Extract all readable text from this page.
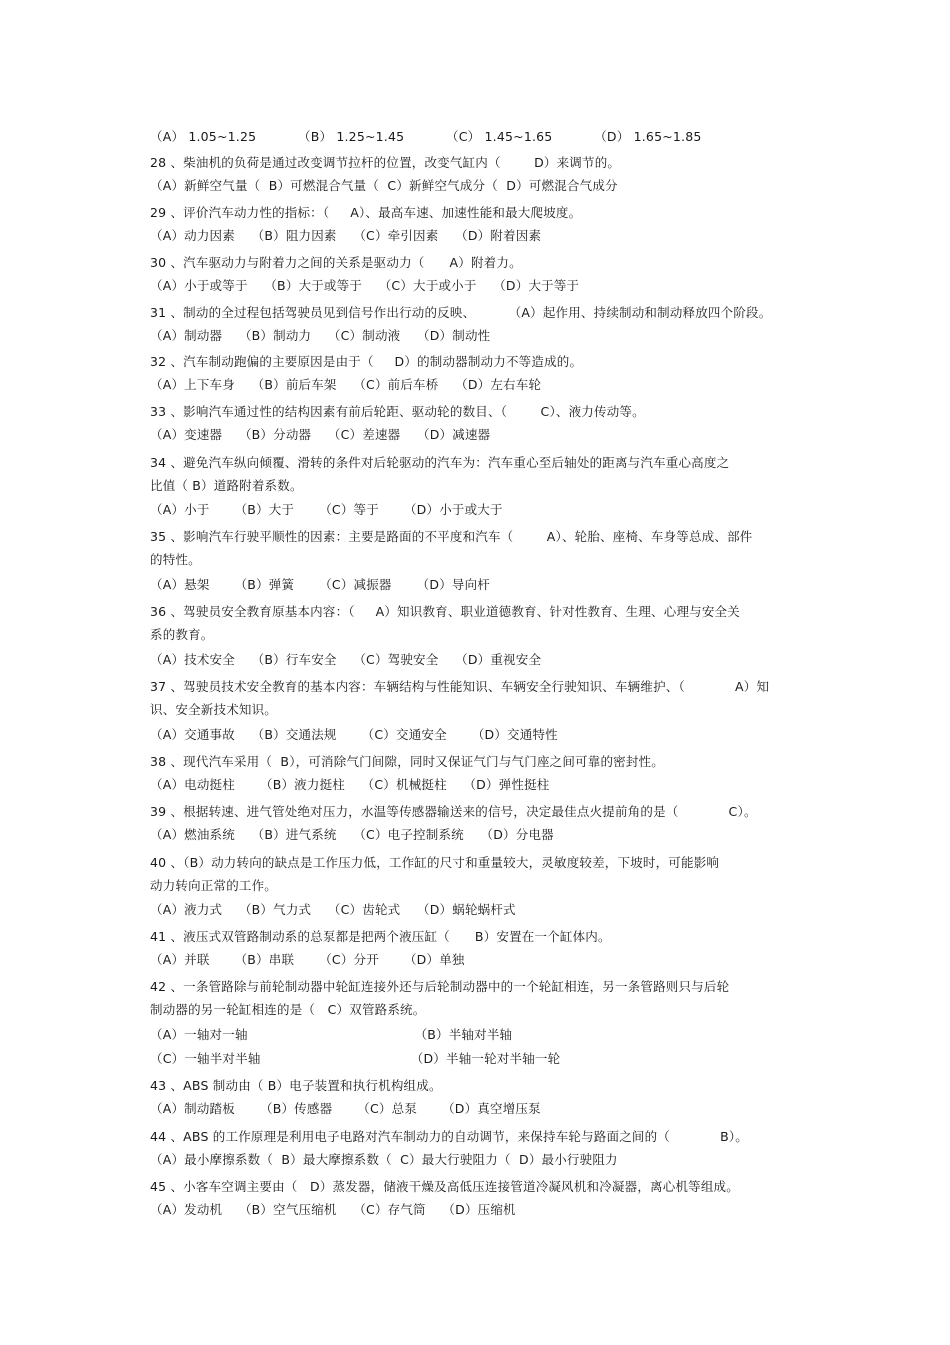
（A） 1.05~1.25          （B） 1.25~1.45          （C） 1.45~1.65          （D） 1.65~1.85
28 、柴油机的负荷是通过改变调节拉杆的位置，改变气缸内（        D）来调节的。
（A）新鲜空气量（  B）可燃混合气量（  C）新鲜空气成分（  D）可燃混合气成分
29 、评价汽车动力性的指标：（     A）、最高车速、加速性能和最大爬坡度。
（A）动力因素    （B）阻力因素    （C）牵引因素    （D）附着因素
30 、汽车驱动力与附着力之间的关系是驱动力（      A）附着力。
（A）小于或等于    （B）大于或等于    （C）大于或小于    （D）大于等于
31 、制动的全过程包括驾驶员见到信号作出行动的反映、        （A）起作用、持续制动和制动释放四个阶段。
（A）制动器    （B）制动力    （C）制动液    （D）制动性
32 、汽车制动跑偏的主要原因是由于（     D）的制动器制动力不等造成的。
（A）上下车身    （B）前后车架    （C）前后车桥    （D）左右车轮
33 、影响汽车通过性的结构因素有前后轮距、驱动轮的数目、（        C）、液力传动等。
（A）变速器    （B）分动器    （C）差速器    （D）减速器
34 、避免汽车纵向倾覆、滑转的条件对后轮驱动的汽车为：汽车重心至后轴处的距离与汽车重心高度之
比值（ B）道路附着系数。
（A）小于      （B）大于      （C）等于      （D）小于或大于
35 、影响汽车行驶平顺性的因素：主要是路面的不平度和汽车（        A）、轮胎、座椅、车身等总成、部件
的特性。
（A）悬架      （B）弹簧      （C）减振器      （D）导向杆
36 、驾驶员安全教育原基本内容：（     A）知识教育、职业道德教育、针对性教育、生理、心理与安全关
系的教育。
（A）技术安全    （B）行车安全    （C）驾驶安全    （D）重视安全
37 、驾驶员技术安全教育的基本内容：车辆结构与性能知识、车辆安全行驶知识、车辆维护、（            A）知
识、安全新技术知识。
（A）交通事故    （B）交通法规      （C）交通安全      （D）交通特性
38 、现代汽车采用（  B），可消除气门间隙，同时又保证气门与气门座之间可靠的密封性。
（A）电动挺柱      （B）液力挺柱    （C）机械挺柱    （D）弹性挺柱
39 、根据转速、进气管处绝对压力，水温等传感器输送来的信号，决定最佳点火提前角的是（            C）。
（A）燃油系统    （B）进气系统    （C）电子控制系统    （D）分电器
40 、（B）动力转向的缺点是工作压力低，工作缸的尺寸和重量较大，灵敏度较差，下坡时，可能影响
动力转向正常的工作。
（A）液力式    （B）气力式    （C）齿轮式    （D）蜗轮蜗杆式
41 、液压式双管路制动系的总泵都是把两个液压缸（      B）安置在一个缸体内。
（A）并联      （B）串联      （C）分开      （D）单独
42 、一条管路除与前轮制动器中轮缸连接外还与后轮制动器中的一个轮缸相连，另一条管路则只与后轮
制动器的另一轮缸相连的是（   C）双管路系统。
（A）一轴对一轴                                        （B）半轴对半轴
（C）一轴半对半轴                                    （D）半轴一轮对半轴一轮
43 、ABS 制动由（ B）电子装置和执行机构组成。
（A）制动踏板      （B）传感器      （C）总泵      （D）真空增压泵
44 、ABS 的工作原理是利用电子电路对汽车制动力的自动调节，来保持车轮与路面之间的（            B）。
（A）最小摩擦系数（  B）最大摩擦系数（  C）最大行驶阻力（  D）最小行驶阻力
45 、小客车空调主要由（   D）蒸发器，储液干燥及高低压连接管道冷凝风机和冷凝器，离心机等组成。
（A）发动机    （B）空气压缩机    （C）存气筒    （D）压缩机
